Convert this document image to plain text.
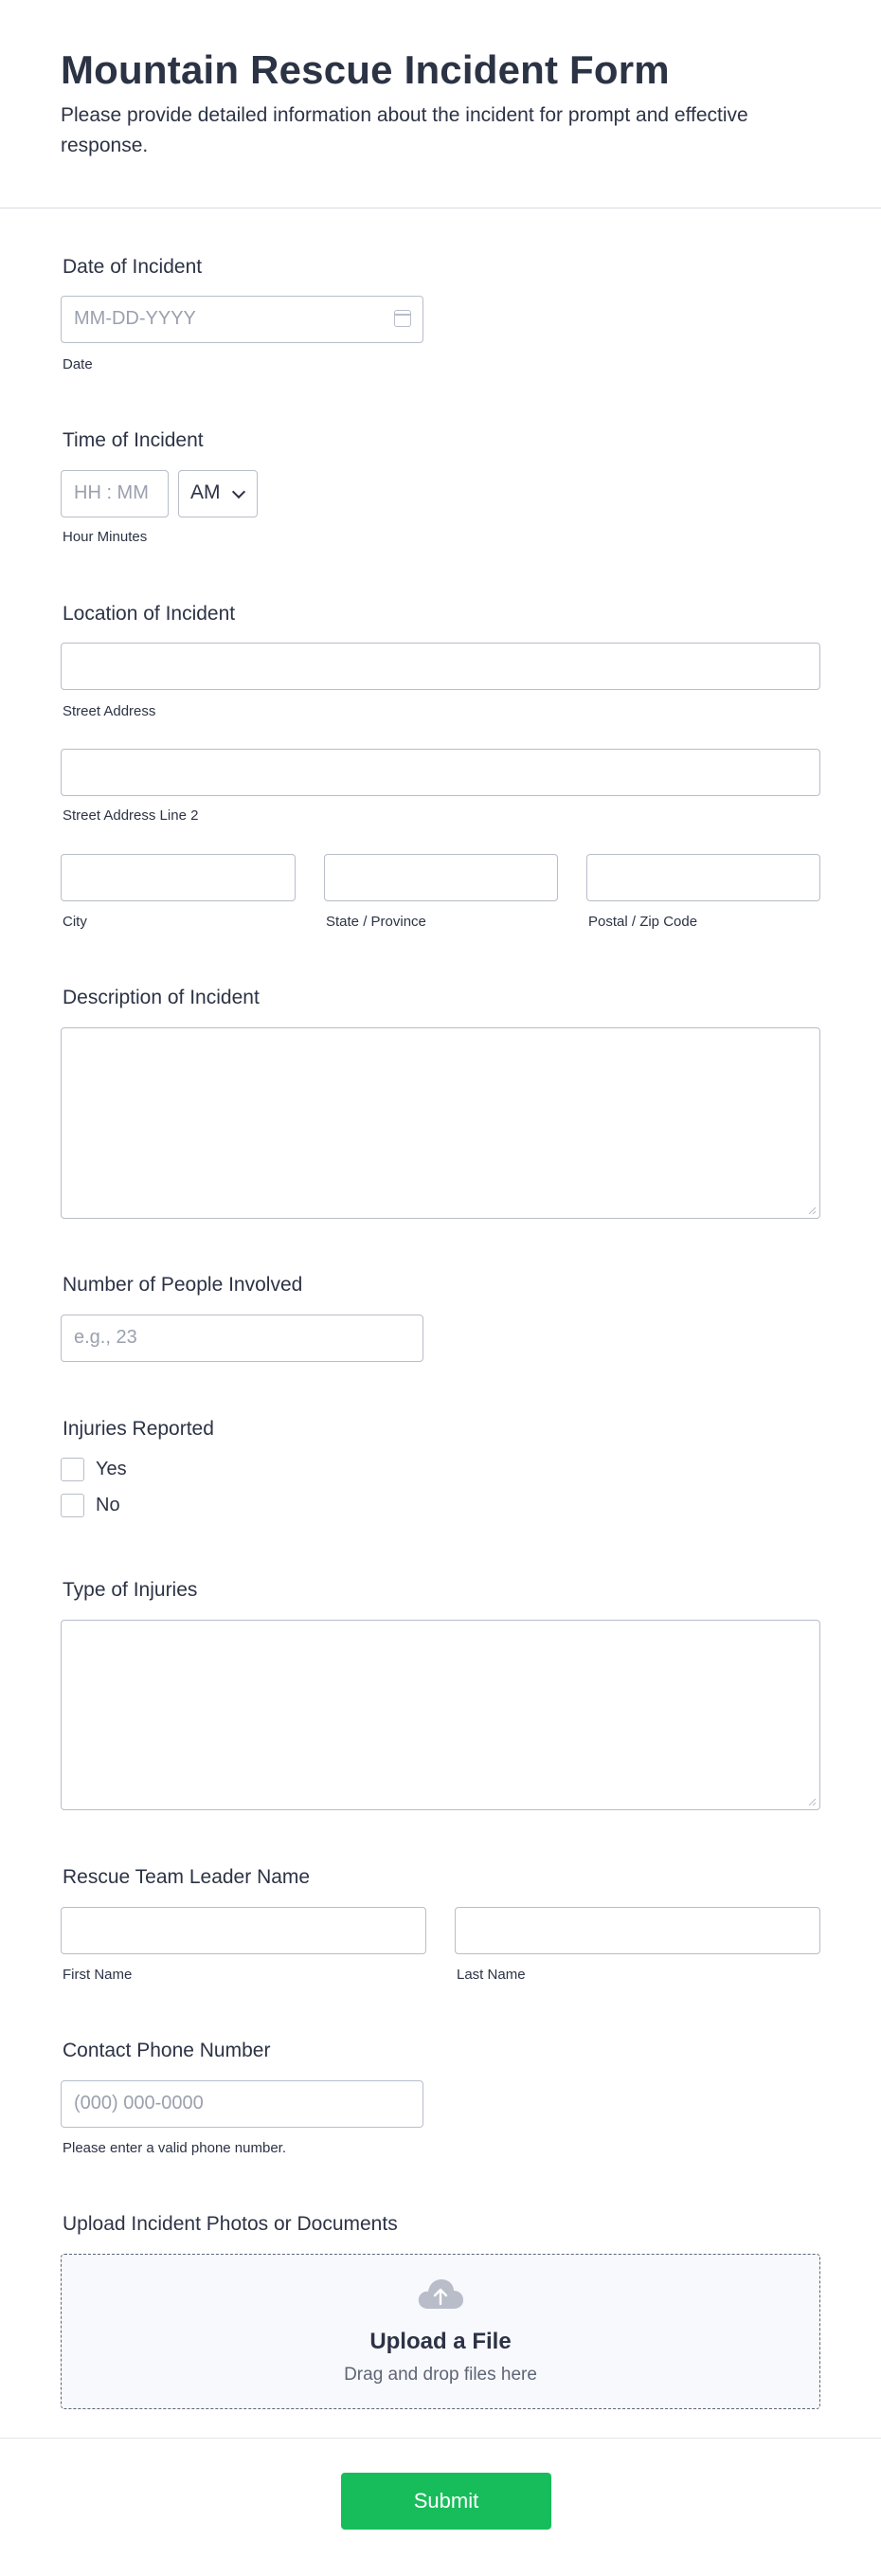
Mountain Rescue Incident Form
Please provide detailed information about the incident for prompt and effective response.
Date of Incident
MM-DD-YYYY
Date
Time of Incident
HH : MM AM
Hour Minutes
Location of Incident
Street Address
Street Address Line 2
City	State / Province	Postal / Zip Code
Description of Incident
Number of People Involved
e.g., 23
Injuries Reported
Yes
No
Type of Injuries
Rescue Team Leader Name
First Name	Last Name
Contact Phone Number
(000) 000-0000
Please enter a valid phone number.
Upload Incident Photos or Documents
Upload a File
Drag and drop files here
Submit
